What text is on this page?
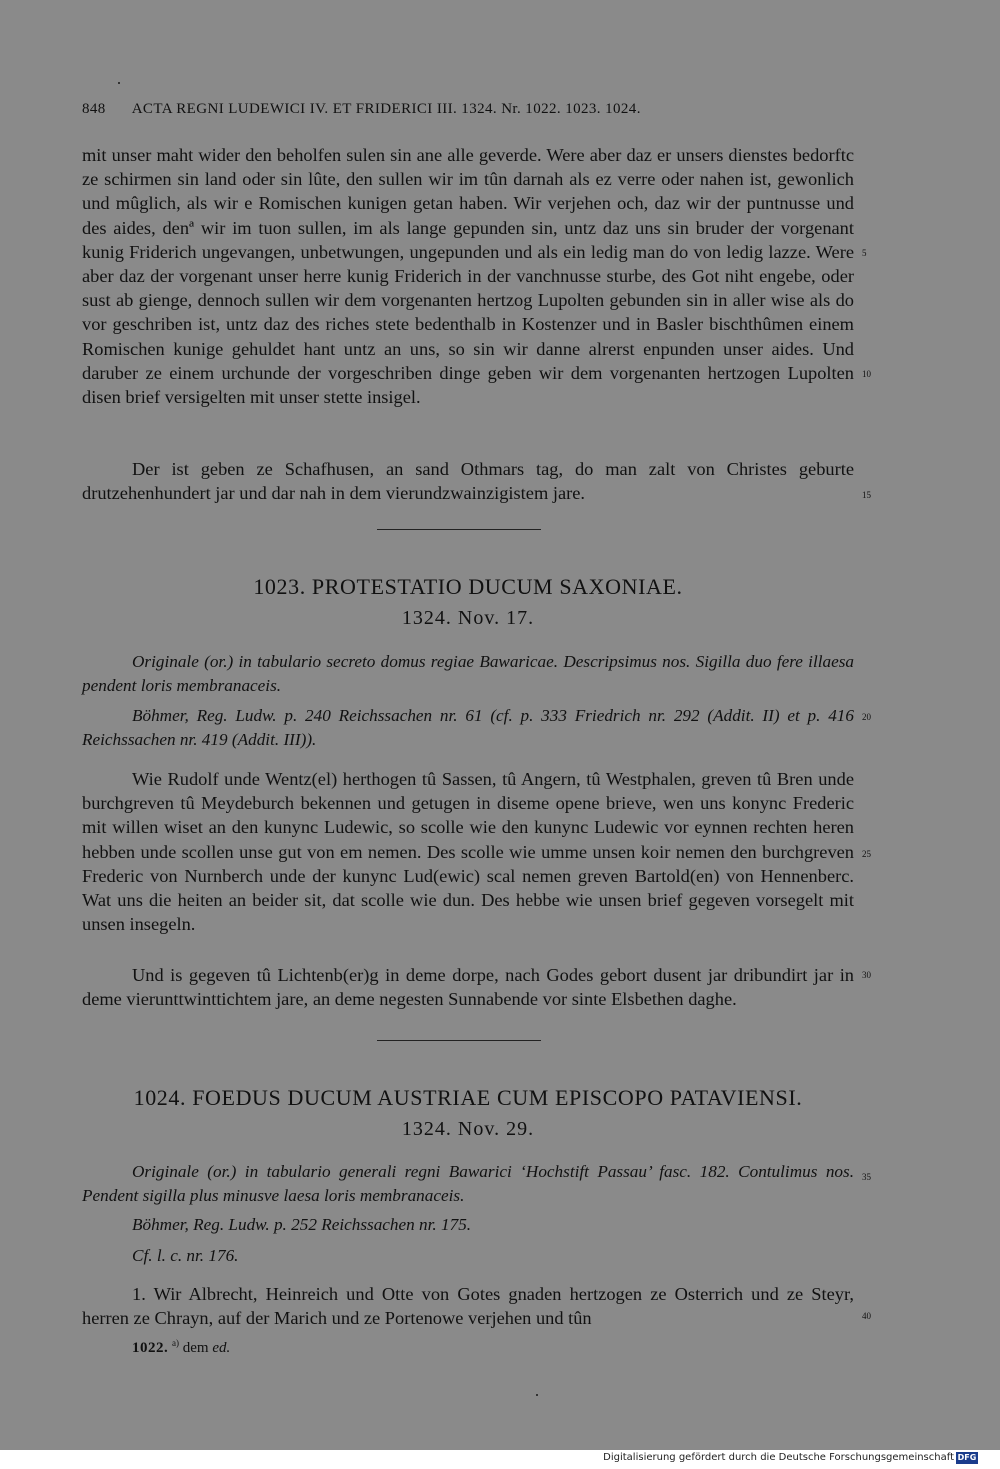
848 ACTA REGNI LUDEWICI IV. ET FRIDERICI III. 1324. Nr. 1022. 1023. 1024.

mit unser maht wider den beholfen sulen sin ane alle geverde. Were aber daz er unsers dienstes bedorftc ze schirmen sin land oder sin lûte, den sullen wir im tûn darnah als ez verre oder nahen ist, gewonlich und mûglich, als wir e Romischen kunigen getan haben. Wir verjehen och, daz wir der puntnusse und des aides, denª wir im tuon sullen, im als lange gepunden sin, untz daz uns sin bruder der vorgenant kunig Friderich ungevangen, unbetwungen, ungepunden und als ein ledig man do von ledig lazze. Were aber daz der vorgenant unser herre kunig Friderich in der vanchnusse sturbe, des Got niht engebe, oder sust ab gienge, dennoch sullen wir dem vorgenanten hertzog Lupolten gebunden sin in aller wise als do vor geschriben ist, untz daz des riches stete bedenthalb in Kostenzer und in Basler bischthûmen einem Romischen kunige gehuldet hant untz an uns, so sin wir danne alrerst enpunden unser aides. Und daruber ze einem urchunde der vorgeschriben dinge geben wir dem vorgenanten hertzogen Lupolten disen brief versigelten mit unser stette insigel.

Der ist geben ze Schafhusen, an sand Othmars tag, do man zalt von Christes geburte drutzehenhundert jar und dar nah in dem vierundzwainzigistem jare.

1023. PROTESTATIO DUCUM SAXONIAE.

1324. Nov. 17.

Originale (or.) in tabulario secreto domus regiae Bawaricae. Descripsimus nos. Sigilla duo fere illaesa pendent loris membranaceis.

Böhmer, Reg. Ludw. p. 240 Reichssachen nr. 61 (cf. p. 333 Friedrich nr. 292 (Addit. II) et p. 416 Reichssachen nr. 419 (Addit. III)).

Wie Rudolf unde Wentz(el) herthogen tû Sassen, tû Angern, tû Westphalen, greven tû Bren unde burchgreven tû Meydeburch bekennen und getugen in diseme opene brieve, wen uns konync Frederic mit willen wiset an den kunync Ludewic, so scolle wie den kunync Ludewic vor eynnen rechten heren hebben unde scollen unse gut von em nemen. Des scolle wie umme unsen koir nemen den burchgreven Frederic von Nurnberch unde der kunync Lud(ewic) scal nemen greven Bartold(en) von Hennenberc. Wat uns die heiten an beider sit, dat scolle wie dun. Des hebbe wie unsen brief gegeven vorsegelt mit unsen insegeln.

Und is gegeven tû Lichtenb(er)g in deme dorpe, nach Godes gebort dusent jar dribundirt jar in deme vierunttwinttichtem jare, an deme negesten Sunnabende vor sinte Elsbethen daghe.

1024. FOEDUS DUCUM AUSTRIAE CUM EPISCOPO PATAVIENSI.

1324. Nov. 29.

Originale (or.) in tabulario generali regni Bawarici ‘Hochstift Passau’ fasc. 182. Contulimus nos. Pendent sigilla plus minusve laesa loris membranaceis.

Böhmer, Reg. Ludw. p. 252 Reichssachen nr. 175.

Cf. l. c. nr. 176.

1. Wir Albrecht, Heinreich und Otte von Gotes gnaden hertzogen ze Osterrich und ze Steyr, herren ze Chrayn, auf der Marich und ze Portenowe verjehen und tûn

5
10
15
20
25
30
35
40

1022. $^{a)}$ dem ed.

Digitalisierung gefördert durch die Deutsche Forschungsgemeinschaft DFG
